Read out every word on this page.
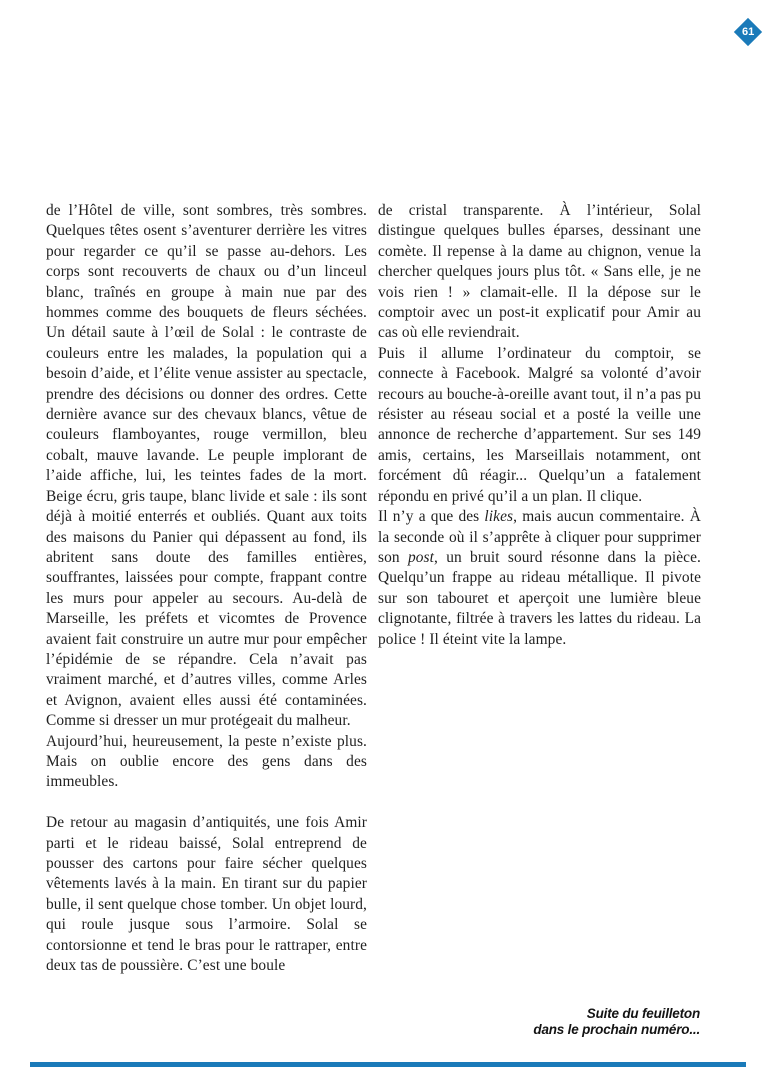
61

de l’Hôtel de ville, sont sombres, très sombres. Quelques têtes osent s’aventurer derrière les vitres pour regarder ce qu’il se passe au-dehors. Les corps sont recouverts de chaux ou d’un linceul blanc, traînés en groupe à main nue par des hommes comme des bouquets de fleurs séchées. Un détail saute à l’œil de Solal : le contraste de couleurs entre les malades, la population qui a besoin d’aide, et l’élite venue assister au spectacle, prendre des décisions ou donner des ordres. Cette dernière avance sur des chevaux blancs, vêtue de couleurs flamboyantes, rouge vermillon, bleu cobalt, mauve lavande. Le peuple implorant de l’aide affiche, lui, les teintes fades de la mort. Beige écru, gris taupe, blanc livide et sale : ils sont déjà à moitié enterrés et oubliés. Quant aux toits des maisons du Panier qui dépassent au fond, ils abritent sans doute des familles entières, souffrantes, laissées pour compte, frappant contre les murs pour appeler au secours. Au-delà de Marseille, les préfets et vicomtes de Provence avaient fait construire un autre mur pour empêcher l’épidémie de se répandre. Cela n’avait pas vraiment marché, et d’autres villes, comme Arles et Avignon, avaient elles aussi été contaminées. Comme si dresser un mur protégeait du malheur.

Aujourd’hui, heureusement, la peste n’existe plus. Mais on oublie encore des gens dans des immeubles.

De retour au magasin d’antiquités, une fois Amir parti et le rideau baissé, Solal entreprend de pousser des cartons pour faire sécher quelques vêtements lavés à la main. En tirant sur du papier bulle, il sent quelque chose tomber. Un objet lourd, qui roule jusque sous l’armoire. Solal se contorsionne et tend le bras pour le rattraper, entre deux tas de poussière. C’est une boule

de cristal transparente. À l’intérieur, Solal distingue quelques bulles éparses, dessinant une comète. Il repense à la dame au chignon, venue la chercher quelques jours plus tôt. « Sans elle, je ne vois rien ! » clamait-elle. Il la dépose sur le comptoir avec un post-it explicatif pour Amir au cas où elle reviendrait.

Puis il allume l’ordinateur du comptoir, se connecte à Facebook. Malgré sa volonté d’avoir recours au bouche-à-oreille avant tout, il n’a pas pu résister au réseau social et a posté la veille une annonce de recherche d’appartement. Sur ses 149 amis, certains, les Marseillais notamment, ont forcément dû réagir... Quelqu’un a fatalement répondu en privé qu’il a un plan. Il clique.

Il n’y a que des likes, mais aucun commentaire. À la seconde où il s’apprête à cliquer pour supprimer son post, un bruit sourd résonne dans la pièce. Quelqu’un frappe au rideau métallique. Il pivote sur son tabouret et aperçoit une lumière bleue clignotante, filtrée à travers les lattes du rideau. La police ! Il éteint vite la lampe.

Suite du feuilleton
dans le prochain numéro...
